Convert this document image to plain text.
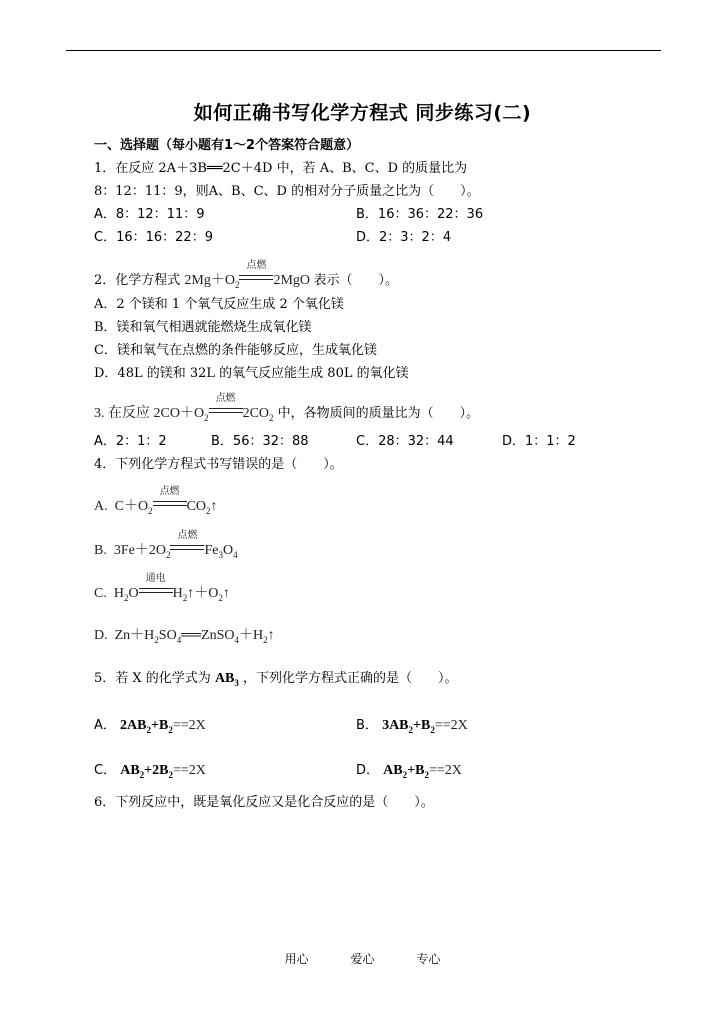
如何正确书写化学方程式 同步练习(二)
一、选择题（每小题有1～2个答案符合题意）
1．在反应 2A＋3B══2C＋4D 中，若 A、B、C、D 的质量比为
8：12：11：9，则A、B、C、D 的相对分子质量之比为（　　）。
A．8：12：11：9	B．16：36：22：36
C．16：16：22：9	D．2：3：2：4
2．化学方程式 $2Mg+O_2$
点燃
2MgO 表示（　　）。
A．2 个镁和 1 个氧气反应生成 2 个氧化镁
B．镁和氧气相遇就能燃烧生成氧化镁
C．镁和氧气在点燃的条件能够反应，生成氧化镁
D．48L 的镁和 32L 的氧气反应能生成 80L 的氧化镁
3. 在反应 $2CO+O_2$
点燃
$2CO_2$ 中，各物质间的质量比为（　　）。
A．2：1：2	B．56：32：88	C．28：32：44	D．1：1：2
4．下列化学方程式书写错误的是（　　）。
A. $C+O_2$
点燃
$CO_2↑$
B. $3Fe+2O_2$
点燃
$Fe_3O_4$
C. $H_2O$
通电
$H_2↑+O_2↑$
D. $Zn+H_2SO_4══ZnSO_4+H_2↑$
5．若 X 的化学式为 $AB_3$ ，下列化学方程式正确的是（　　）。
A． $2AB_2+B_2==2X$	B． $3AB_2+B_2==2X$
C． $AB_2+2B_2==2X$	D． $AB_2+B_2==2X$
6．下列反应中，既是氧化反应又是化合反应的是（　　）。
用心	爱心	专心
